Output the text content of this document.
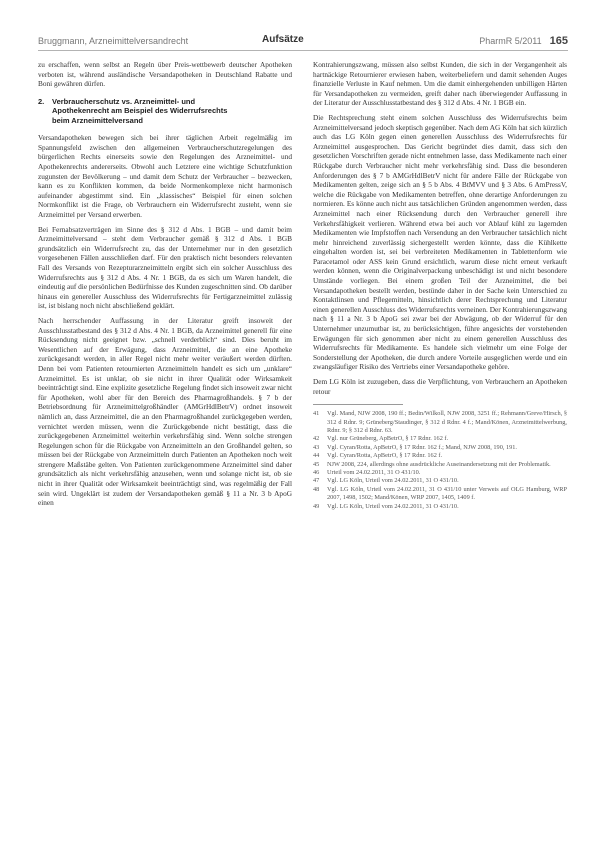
Bruggmann, Arzneimittelversandrecht	Aufsätze	PharmR 5/2011 165

zu erschaffen, wenn selbst an Regeln über Preis-wettbewerb deutscher Apotheken verboten ist, während ausländische Versandapotheken in Deutschland Rabatte und Boni gewähren dürfen.

2. Verbraucherschutz vs. Arzneimittel- und
Apothekenrecht am Beispiel des Widerrufsrechts
beim Arzneimittelversand

Versandapotheken bewegen sich bei ihrer täglichen Arbeit regelmäßig im Spannungsfeld zwischen den allgemeinen Verbraucherschutzregelungen des bürgerlichen Rechts einerseits sowie den Regelungen des Arzneimittel- und Apothekenrechts andererseits. Obwohl auch Letztere eine wichtige Schutzfunktion zugunsten der Bevölkerung – und damit dem Schutz der Verbraucher – bezwecken, kann es zu Konflikten kommen, da beide Normenkomplexe nicht harmonisch aufeinander abgestimmt sind. Ein „klassisches“ Beispiel für einen solchen Normkonflikt ist die Frage, ob Verbrauchern ein Widerrufsrecht zusteht, wenn sie Arzneimittel per Versand erwerben.

Bei Fernabsatzverträgen im Sinne des § 312 d Abs. 1 BGB – und damit beim Arzneimittelversand – steht dem Verbraucher gemäß § 312 d Abs. 1 BGB grundsätzlich ein Widerrufsrecht zu, das der Unternehmer nur in den gesetzlich vorgesehenen Fällen ausschließen darf. Für den praktisch nicht besonders relevanten Fall des Versands von Rezepturarzneimitteln ergibt sich ein solcher Ausschluss des Widerrufsrechts aus § 312 d Abs. 4 Nr. 1 BGB, da es sich um Waren handelt, die eindeutig auf die persönlichen Bedürfnisse des Kunden zugeschnitten sind. Ob darüber hinaus ein genereller Ausschluss des Widerrufsrechts für Fertigarzneimittel zulässig ist, ist bislang noch nicht abschließend geklärt.

Nach herrschender Auffassung in der Literatur greift insoweit der Ausschlusstatbestand des § 312 d Abs. 4 Nr. 1 BGB, da Arzneimittel generell für eine Rücksendung nicht geeignet bzw. „schnell verderblich“ sind. Dies beruht im Wesentlichen auf der Erwägung, dass Arzneimittel, die an eine Apotheke zurückgesandt werden, in aller Regel nicht mehr weiter veräußert werden dürften. Denn bei vom Patienten retournierten Arzneimitteln handelt es sich um „unklare“ Arzneimittel. Es ist unklar, ob sie nicht in ihrer Qualität oder Wirksamkeit beeinträchtigt sind. Eine explizite gesetzliche Regelung findet sich insoweit zwar nicht für Apotheken, wohl aber für den Bereich des Pharmagroßhandels. § 7 b der Betriebsordnung für Arzneimittelgroßhändler (AMGrHdlBetrV) ordnet insoweit nämlich an, dass Arzneimittel, die an den Pharmagroßhandel zurückgegeben werden, vernichtet werden müssen, wenn die Zurückgebende nicht bestätigt, dass die zurückgegebenen Arzneimittel weiterhin verkehrsfähig sind. Wenn solche strengen Regelungen schon für die Rückgabe von Arzneimitteln an den Großhandel gelten, so müssen bei der Rückgabe von Arzneimitteln durch Patienten an Apotheken noch weit strengere Maßstäbe gelten. Von Patienten zurückgenommene Arzneimittel sind daher grundsätzlich als nicht verkehrsfähig anzusehen, wenn und solange nicht ist, ob sie nicht in ihrer Qualität oder Wirksamkeit beeinträchtigt sind, was regelmäßig der Fall sein wird. Ungeklärt ist zudem der Versandapotheken gemäß § 11 a Nr. 3 b ApoG einen

Kontrahierungszwang, müssen also selbst Kunden, die sich in der Vergangenheit als hartnäckige Retournierer erwiesen haben, weiterbeliefern und damit sehenden Auges finanzielle Verluste in Kauf nehmen. Um die damit einhergehenden unbilligen Härten für Versandapotheken zu vermeiden, greift daher nach überwiegender Auffassung in der Literatur der Ausschlusstatbestand des § 312 d Abs. 4 Nr. 1 BGB ein.

Die Rechtsprechung steht einem solchen Ausschluss des Widerrufsrechts beim Arzneimittelversand jedoch skeptisch gegenüber. Nach dem AG Köln hat sich kürzlich auch das LG Köln gegen einen generellen Ausschluss des Widerrufsrechts für Arzneimittel ausgesprochen. Das Gericht begründet dies damit, dass sich den gesetzlichen Vorschriften gerade nicht entnehmen lasse, dass Medikamente nach einer Rückgabe durch Verbraucher nicht mehr verkehrsfähig sind. Dass die besonderen Anforderungen des § 7 b AMGrHdlBetrV nicht für andere Fälle der Rückgabe von Medikamenten gelten, zeige sich an § 5 b Abs. 4 BtMVV und § 3 Abs. 6 AmPressV, welche die Rückgabe von Medikamenten betreffen, ohne derartige Anforderungen zu normieren. Es könne auch nicht aus tatsächlichen Gründen angenommen werden, dass Arzneimittel nach einer Rücksendung durch den Verbraucher generell ihre Verkehrsfähigkeit verlieren. Während etwa bei auch vor Ablauf kühl zu lagernden Medikamenten wie Impfstoffen nach Versendung an den Verbraucher tatsächlich nicht mehr hinreichend zuverlässig sichergestellt werden könnte, dass die Kühlkette eingehalten worden ist, sei bei verbreiteten Medikamenten in Tablettenform wie Paracetamol oder ASS kein Grund ersichtlich, warum diese nicht erneut verkauft werden können, wenn die Originalverpackung unbeschädigt ist und nicht besondere Umstände vorliegen. Bei einem großen Teil der Arzneimittel, die bei Versandapotheken bestellt werden, bestünde daher in der Sache kein Unterschied zu Kontaktlinsen und Pflegemitteln, hinsichtlich derer Rechtsprechung und Literatur einen generellen Ausschluss des Widerrufsrechts verneinen. Der Kontrahierungszwang nach § 11 a Nr. 3 b ApoG sei zwar bei der Abwägung, ob der Widerruf für den Unternehmer unzumutbar ist, zu berücksichtigen, führe angesichts der vorstehenden Erwägungen für sich genommen aber nicht zu einem generellen Ausschluss des Widerrufsrechts für Medikamente. Es handele sich vielmehr um eine Folge der Sonderstellung der Apotheken, die durch andere Vorteile ausgeglichen werde und ein zwangsläufiger Risiko des Vertriebs einer Versandapotheke gehöre.

Dem LG Köln ist zuzugeben, dass die Verpflichtung, von Verbrauchern an Apotheken retour

41	Vgl. Mand, NJW 2008, 190 ff.; Bedin/Wilkoll, NJW 2008, 3251 ff.; Rehmann/Greve/Hirsch, § 312 d Rdnr. 9; Grüneberg/Staudinger, § 312 d Rdnr. 4 f.; Mand/Könen, Arzneimittelwerbung, Rdnr. 9; § 312 d Rdnr. 63.
42	Vgl. nur Grüneberg, ApBetrO, § 17 Rdnr. 162 f.
43	Vgl. Cyran/Rotta, ApBetrO, § 17 Rdnr. 162 f.; Mand, NJW 2008, 190, 191.
44	Vgl. Cyran/Rotta, ApBetrO, § 17 Rdnr. 162 f.
45	NJW 2008, 224, allerdings ohne ausdrückliche Auseinandersetzung mit der Problematik.
46	Urteil vom 24.02.2011, 31 O 431/10.
47	Vgl. LG Köln, Urteil vom 24.02.2011, 31 O 431/10.
48	Vgl. LG Köln, Urteil vom 24.02.2011, 31 O 431/10 unter Verweis auf OLG Hamburg, WRP 2007, 1498, 1502; Mand/Könen, WRP 2007, 1405, 1409 f.
49	Vgl. LG Köln, Urteil vom 24.02.2011, 31 O 431/10.
